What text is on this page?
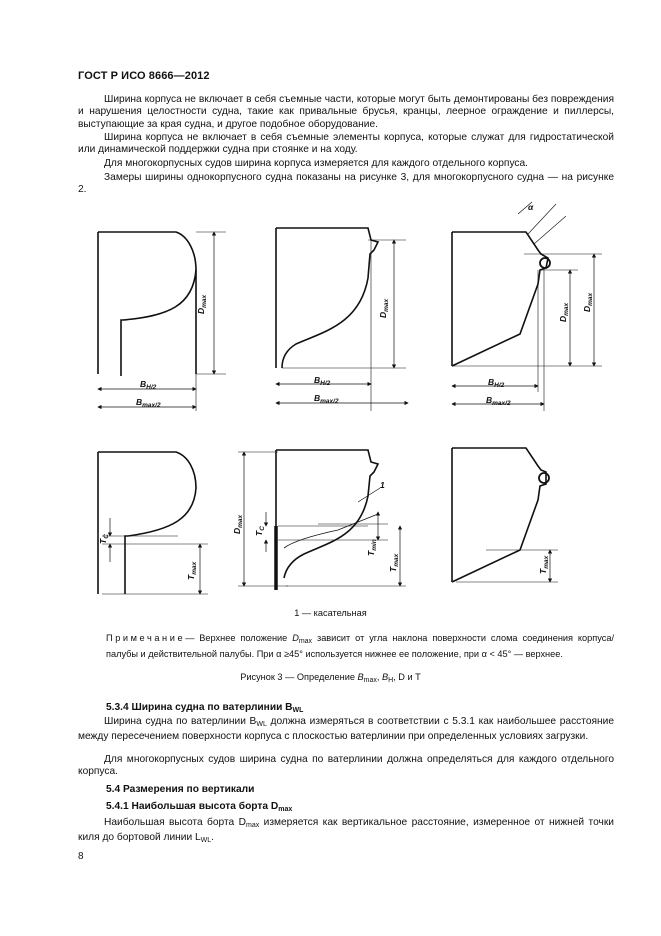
ГОСТ Р ИСО 8666—2012
Ширина корпуса не включает в себя съемные части, которые могут быть демонтированы без повреждения и нарушения целостности судна, такие как привальные брусья, кранцы, леерное ограждение и пиллерсы, выступающие за края судна, и другое подобное оборудование.
Ширина корпуса не включает в себя съемные элементы корпуса, которые служат для гидростатической или динамической поддержки судна при стоянке и на ходу.
Для многокорпусных судов ширина корпуса измеряется для каждого отдельного корпуса.
Замеры ширины однокорпусного судна показаны на рисунке 3, для многокорпусного судна — на рисунке 2.
$D_{max}$
$B_{H/2}$
$B_{max/2}$
$D_{max}$
$B_{H/2}$
$B_{max/2}$
α
$D_{max}$ $D_{max}$
$B_{H/2}$
$B_{max/2}$
$T_C$
$T_{max}$
$D_{max}$
$T_C$
$T_{min}$
$T_{max}$
1
$T_{max}$
1 — касательная
Примечание— Верхнее положение $D_{max}$ зависит от угла наклона поверхности слома соединения корпуса/палубы и действительной палубы. При α ≥45° используется нижнее ее положение, при α < 45° — верхнее.
Рисунок 3 — Определение $B_{max}$, $B_H$, D и T
5.3.4 Ширина судна по ватерлинии $B_{WL}$
Ширина судна по ватерлинии $B_{WL}$ должна измеряться в соответствии с 5.3.1 как наибольшее расстояние между пересечением поверхности корпуса с плоскостью ватерлинии при определенных условиях загрузки.
Для многокорпусных судов ширина судна по ватерлинии должна определяться для каждого отдельного корпуса.
5.4 Размерения по вертикали
5.4.1 Наибольшая высота борта $D_{max}$
Наибольшая высота борта $D_{max}$ измеряется как вертикальное расстояние, измеренное от нижней точки киля до бортовой линии $L_{WL}$.
8
